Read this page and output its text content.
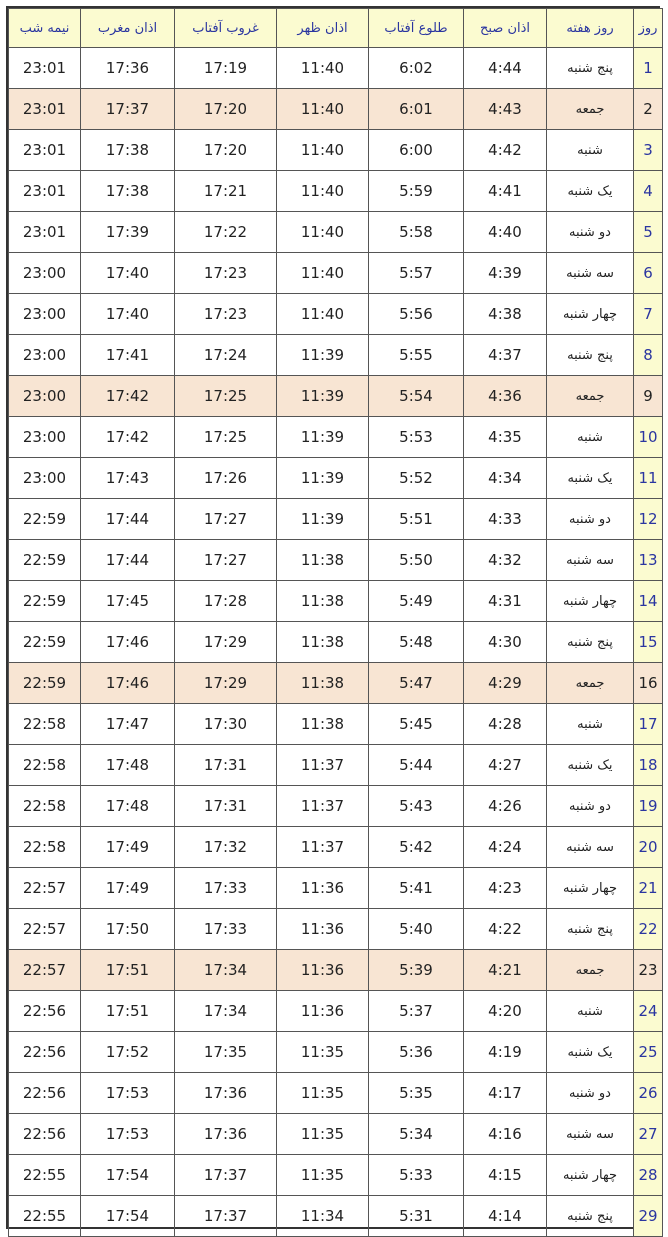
روز	روز هفته	اذان صبح	طلوع آفتاب	اذان ظهر	غروب آفتاب	اذان مغرب	نیمه شب
1	پنج شنبه	4:44	6:02	11:40	17:19	17:36	23:01
2	جمعه	4:43	6:01	11:40	17:20	17:37	23:01
3	شنبه	4:42	6:00	11:40	17:20	17:38	23:01
4	یک شنبه	4:41	5:59	11:40	17:21	17:38	23:01
5	دو شنبه	4:40	5:58	11:40	17:22	17:39	23:01
6	سه شنبه	4:39	5:57	11:40	17:23	17:40	23:00
7	چهار شنبه	4:38	5:56	11:40	17:23	17:40	23:00
8	پنج شنبه	4:37	5:55	11:39	17:24	17:41	23:00
9	جمعه	4:36	5:54	11:39	17:25	17:42	23:00
10	شنبه	4:35	5:53	11:39	17:25	17:42	23:00
11	یک شنبه	4:34	5:52	11:39	17:26	17:43	23:00
12	دو شنبه	4:33	5:51	11:39	17:27	17:44	22:59
13	سه شنبه	4:32	5:50	11:38	17:27	17:44	22:59
14	چهار شنبه	4:31	5:49	11:38	17:28	17:45	22:59
15	پنج شنبه	4:30	5:48	11:38	17:29	17:46	22:59
16	جمعه	4:29	5:47	11:38	17:29	17:46	22:59
17	شنبه	4:28	5:45	11:38	17:30	17:47	22:58
18	یک شنبه	4:27	5:44	11:37	17:31	17:48	22:58
19	دو شنبه	4:26	5:43	11:37	17:31	17:48	22:58
20	سه شنبه	4:24	5:42	11:37	17:32	17:49	22:58
21	چهار شنبه	4:23	5:41	11:36	17:33	17:49	22:57
22	پنج شنبه	4:22	5:40	11:36	17:33	17:50	22:57
23	جمعه	4:21	5:39	11:36	17:34	17:51	22:57
24	شنبه	4:20	5:37	11:36	17:34	17:51	22:56
25	یک شنبه	4:19	5:36	11:35	17:35	17:52	22:56
26	دو شنبه	4:17	5:35	11:35	17:36	17:53	22:56
27	سه شنبه	4:16	5:34	11:35	17:36	17:53	22:56
28	چهار شنبه	4:15	5:33	11:35	17:37	17:54	22:55
29	پنج شنبه	4:14	5:31	11:34	17:37	17:54	22:55
